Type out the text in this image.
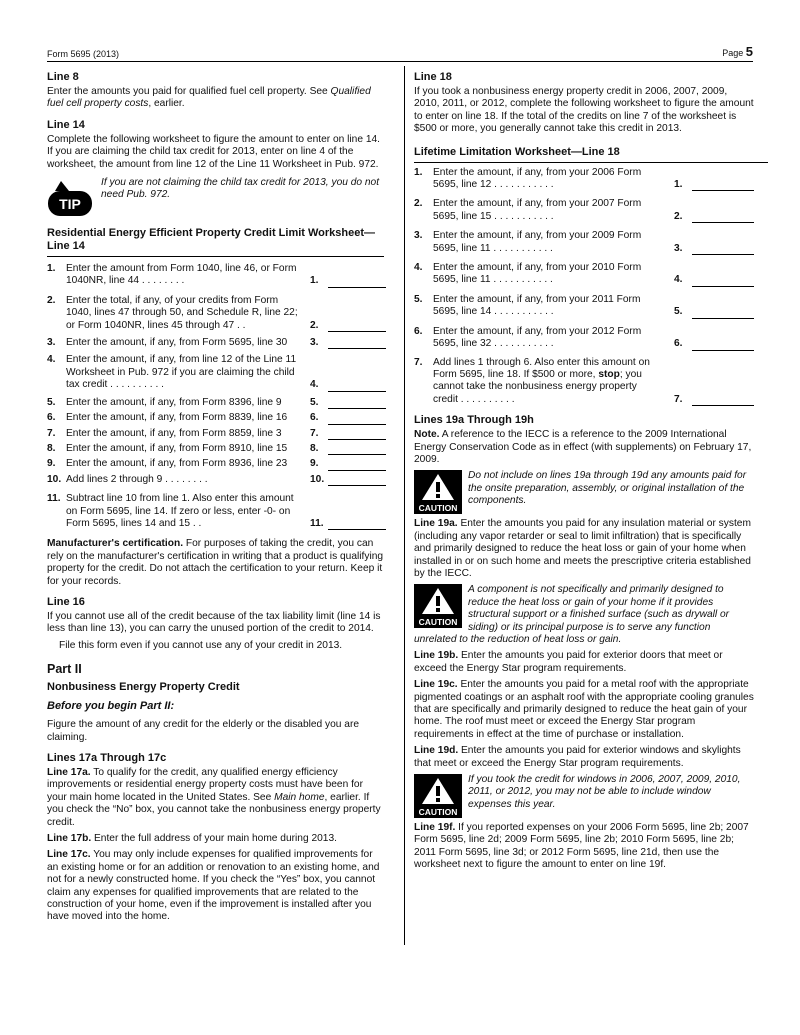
Form 5695 (2013)	Page 5
Line 8

Enter the amounts you paid for qualified fuel cell property. See Qualified fuel cell property costs, earlier.

Line 14

Complete the following worksheet to figure the amount to enter on line 14. If you are claiming the child tax credit for 2013, enter on line 4 of the worksheet, the amount from line 12 of the Line 11 Worksheet in Pub. 972.

TIP

If you are not claiming the child tax credit for 2013, you do not need Pub. 972.

Residential Energy Efficient Property Credit Limit Worksheet—Line 14
1.	Enter the amount from Form 1040, line 46, or Form 1040NR, line 44 . . . . . . . .	1.
2.	Enter the total, if any, of your credits from Form 1040, lines 47 through 50, and Schedule R, line 22; or Form 1040NR, lines 45 through 47 . .	2.
3.	Enter the amount, if any, from Form 5695, line 30	3.
4.	Enter the amount, if any, from line 12 of the Line 11 Worksheet in Pub. 972 if you are claiming the child tax credit . . . . . . . . . .	4.
5.	Enter the amount, if any, from Form 8396, line 9	5.
6.	Enter the amount, if any, from Form 8839, line 16	6.
7.	Enter the amount, if any, from Form 8859, line 3	7.
8.	Enter the amount, if any, from Form 8910, line 15	8.
9.	Enter the amount, if any, from Form 8936, line 23	9.
10. Add lines 2 through 9 . . . . . . . .	10.
11. Subtract line 10 from line 1. Also enter this amount on Form 5695, line 14. If zero or less, enter -0- on Form 5695, lines 14 and 15 . .	11.

Manufacturer's certification. For purposes of taking the credit, you can rely on the manufacturer's certification in writing that a product is qualifying property for the credit. Do not attach the certification to your return. Keep it for your records.

Line 16

If you cannot use all of the credit because of the tax liability limit (line 14 is less than line 13), you can carry the unused portion of the credit to 2014.

File this form even if you cannot use any of your credit in 2013.

Part II
Nonbusiness Energy Property Credit
Before you begin Part II:

Figure the amount of any credit for the elderly or the disabled you are claiming.

Lines 17a Through 17c

Line 17a. To qualify for the credit, any qualified energy efficiency improvements or residential energy property costs must have been for your main home located in the United States. See Main home, earlier. If you check the “No” box, you cannot take the nonbusiness energy property credit.

Line 17b. Enter the full address of your main home during 2013.

Line 17c. You may only include expenses for qualified improvements for an existing home or for an addition or renovation to an existing home, and not for a newly constructed home. If you check the “Yes” box, you cannot claim any expenses for qualified improvements that are related to the construction of your home, even if the improvement is installed after you have moved into the home.

Line 18

If you took a nonbusiness energy property credit in 2006, 2007, 2009, 2010, 2011, or 2012, complete the following worksheet to figure the amount to enter on line 18. If the total of the credits on line 7 of the worksheet is $500 or more, you generally cannot take this credit in 2013.

Lifetime Limitation Worksheet—Line 18
1.	Enter the amount, if any, from your 2006 Form 5695, line 12 . . . . . . . . . . .	1.
2.	Enter the amount, if any, from your 2007 Form 5695, line 15 . . . . . . . . . . .	2.
3.	Enter the amount, if any, from your 2009 Form 5695, line 11 . . . . . . . . . . .	3.
4.	Enter the amount, if any, from your 2010 Form 5695, line 11 . . . . . . . . . . .	4.
5.	Enter the amount, if any, from your 2011 Form 5695, line 14 . . . . . . . . . . .	5.
6.	Enter the amount, if any, from your 2012 Form 5695, line 32 . . . . . . . . . . .	6.
7.	Add lines 1 through 6. Also enter this amount on Form 5695, line 18. If $500 or more, stop; you cannot take the nonbusiness energy property credit . . . . . . . . . .	7.
Lines 19a Through 19h

Note. A reference to the IECC is a reference to the 2009 International Energy Conservation Code as in effect (with supplements) on February 17, 2009.

CAUTION

Do not include on lines 19a through 19d any amounts paid for the onsite preparation, assembly, or original installation of the components.

Line 19a. Enter the amounts you paid for any insulation material or system (including any vapor retarder or seal to limit infiltration) that is specifically and primarily designed to reduce the heat loss or gain of your home when installed in or on such home and meets the prescriptive criteria established by the IECC.

CAUTION

A component is not specifically and primarily designed to reduce the heat loss or gain of your home if it provides structural support or a finished surface (such as drywall or siding) or its principal purpose is to serve any function unrelated to the reduction of heat loss or gain.

Line 19b. Enter the amounts you paid for exterior doors that meet or exceed the Energy Star program requirements.

Line 19c. Enter the amounts you paid for a metal roof with the appropriate pigmented coatings or an asphalt roof with the appropriate cooling granules that are specifically and primarily designed to reduce the heat gain of your home. The roof must meet or exceed the Energy Star program requirements in effect at the time of purchase or installation.

Line 19d. Enter the amounts you paid for exterior windows and skylights that meet or exceed the Energy Star program requirements.

CAUTION

If you took the credit for windows in 2006, 2007, 2009, 2010, 2011, or 2012, you may not be able to include window expenses this year.

Line 19f. If you reported expenses on your 2006 Form 5695, line 2b; 2007 Form 5695, line 2d; 2009 Form 5695, line 2b; 2010 Form 5695, line 2b; 2011 Form 5695, line 3d; or 2012 Form 5695, line 21d, then use the worksheet next to figure the amount to enter on line 19f.
